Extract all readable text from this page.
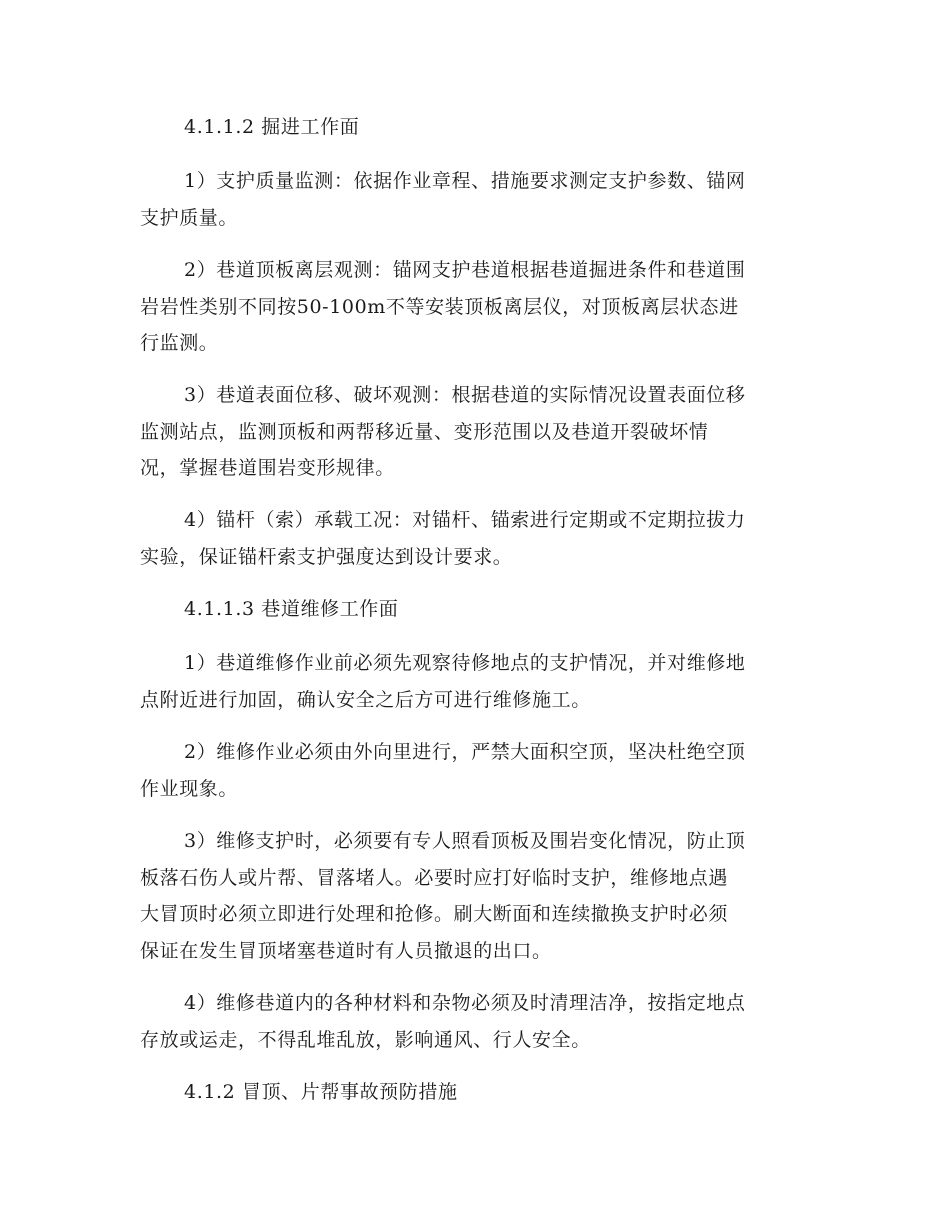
4.1.1.2 掘进工作面
1）支护质量监测：依据作业章程、措施要求测定支护参数、锚网
支护质量。
2）巷道顶板离层观测：锚网支护巷道根据巷道掘进条件和巷道围
岩岩性类别不同按50-100m不等安装顶板离层仪，对顶板离层状态进
行监测。
3）巷道表面位移、破坏观测：根据巷道的实际情况设置表面位移
监测站点，监测顶板和两帮移近量、变形范围以及巷道开裂破坏情
况，掌握巷道围岩变形规律。
4）锚杆（索）承载工况：对锚杆、锚索进行定期或不定期拉拔力
实验，保证锚杆索支护强度达到设计要求。
4.1.1.3 巷道维修工作面
1）巷道维修作业前必须先观察待修地点的支护情况，并对维修地
点附近进行加固，确认安全之后方可进行维修施工。
2）维修作业必须由外向里进行，严禁大面积空顶，坚决杜绝空顶
作业现象。
3）维修支护时，必须要有专人照看顶板及围岩变化情况，防止顶
板落石伤人或片帮、冒落堵人。必要时应打好临时支护，维修地点遇
大冒顶时必须立即进行处理和抢修。刷大断面和连续撤换支护时必须
保证在发生冒顶堵塞巷道时有人员撤退的出口。
4）维修巷道内的各种材料和杂物必须及时清理洁净，按指定地点
存放或运走，不得乱堆乱放，影响通风、行人安全。
4.1.2 冒顶、片帮事故预防措施
